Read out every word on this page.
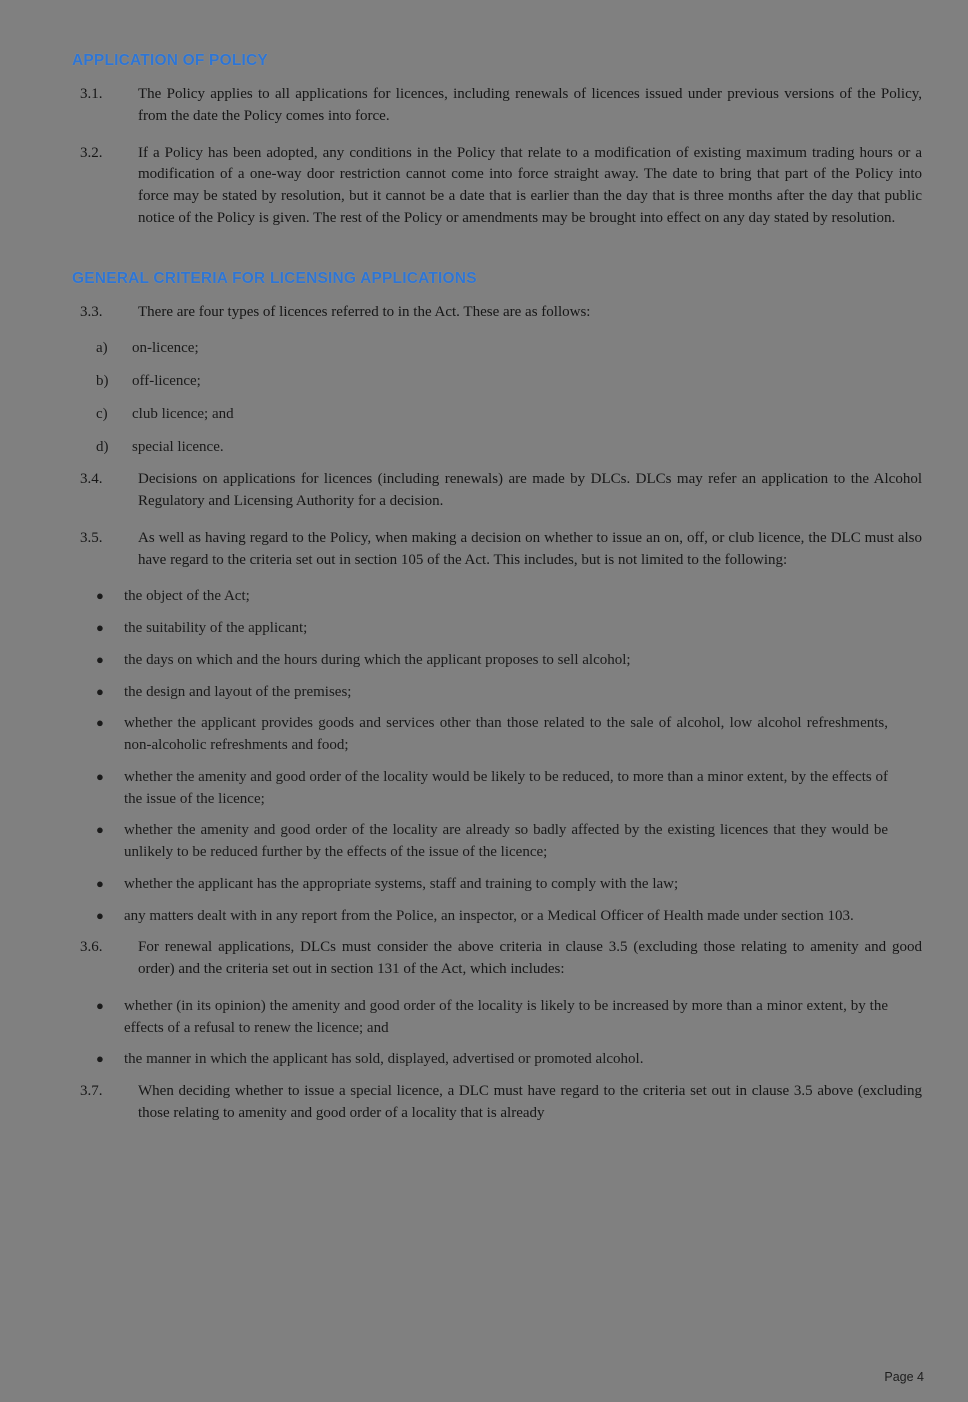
APPLICATION OF POLICY
3.1.	The Policy applies to all applications for licences, including renewals of licences issued under previous versions of the Policy, from the date the Policy comes into force.
3.2.	If a Policy has been adopted, any conditions in the Policy that relate to a modification of existing maximum trading hours or a modification of a one-way door restriction cannot come into force straight away. The date to bring that part of the Policy into force may be stated by resolution, but it cannot be a date that is earlier than the day that is three months after the day that public notice of the Policy is given. The rest of the Policy or amendments may be brought into effect on any day stated by resolution.
GENERAL CRITERIA FOR LICENSING APPLICATIONS
3.3.	There are four types of licences referred to in the Act. These are as follows:
a)	on-licence;
b)	off-licence;
c)	club licence; and
d)	special licence.
3.4.	Decisions on applications for licences (including renewals) are made by DLCs. DLCs may refer an application to the Alcohol Regulatory and Licensing Authority for a decision.
3.5.	As well as having regard to the Policy, when making a decision on whether to issue an on, off, or club licence, the DLC must also have regard to the criteria set out in section 105 of the Act. This includes, but is not limited to the following:
●	the object of the Act;
●	the suitability of the applicant;
●	the days on which and the hours during which the applicant proposes to sell alcohol;
●	the design and layout of the premises;
●	whether the applicant provides goods and services other than those related to the sale of alcohol, low alcohol refreshments, non-alcoholic refreshments and food;
●	whether the amenity and good order of the locality would be likely to be reduced, to more than a minor extent, by the effects of the issue of the licence;
●	whether the amenity and good order of the locality are already so badly affected by the existing licences that they would be unlikely to be reduced further by the effects of the issue of the licence;
●	whether the applicant has the appropriate systems, staff and training to comply with the law;
●	any matters dealt with in any report from the Police, an inspector, or a Medical Officer of Health made under section 103.
3.6.	For renewal applications, DLCs must consider the above criteria in clause 3.5 (excluding those relating to amenity and good order) and the criteria set out in section 131 of the Act, which includes:
●	whether (in its opinion) the amenity and good order of the locality is likely to be increased by more than a minor extent, by the effects of a refusal to renew the licence; and
●	the manner in which the applicant has sold, displayed, advertised or promoted alcohol.
3.7.	When deciding whether to issue a special licence, a DLC must have regard to the criteria set out in clause 3.5 above (excluding those relating to amenity and good order of a locality that is already
Page 4
